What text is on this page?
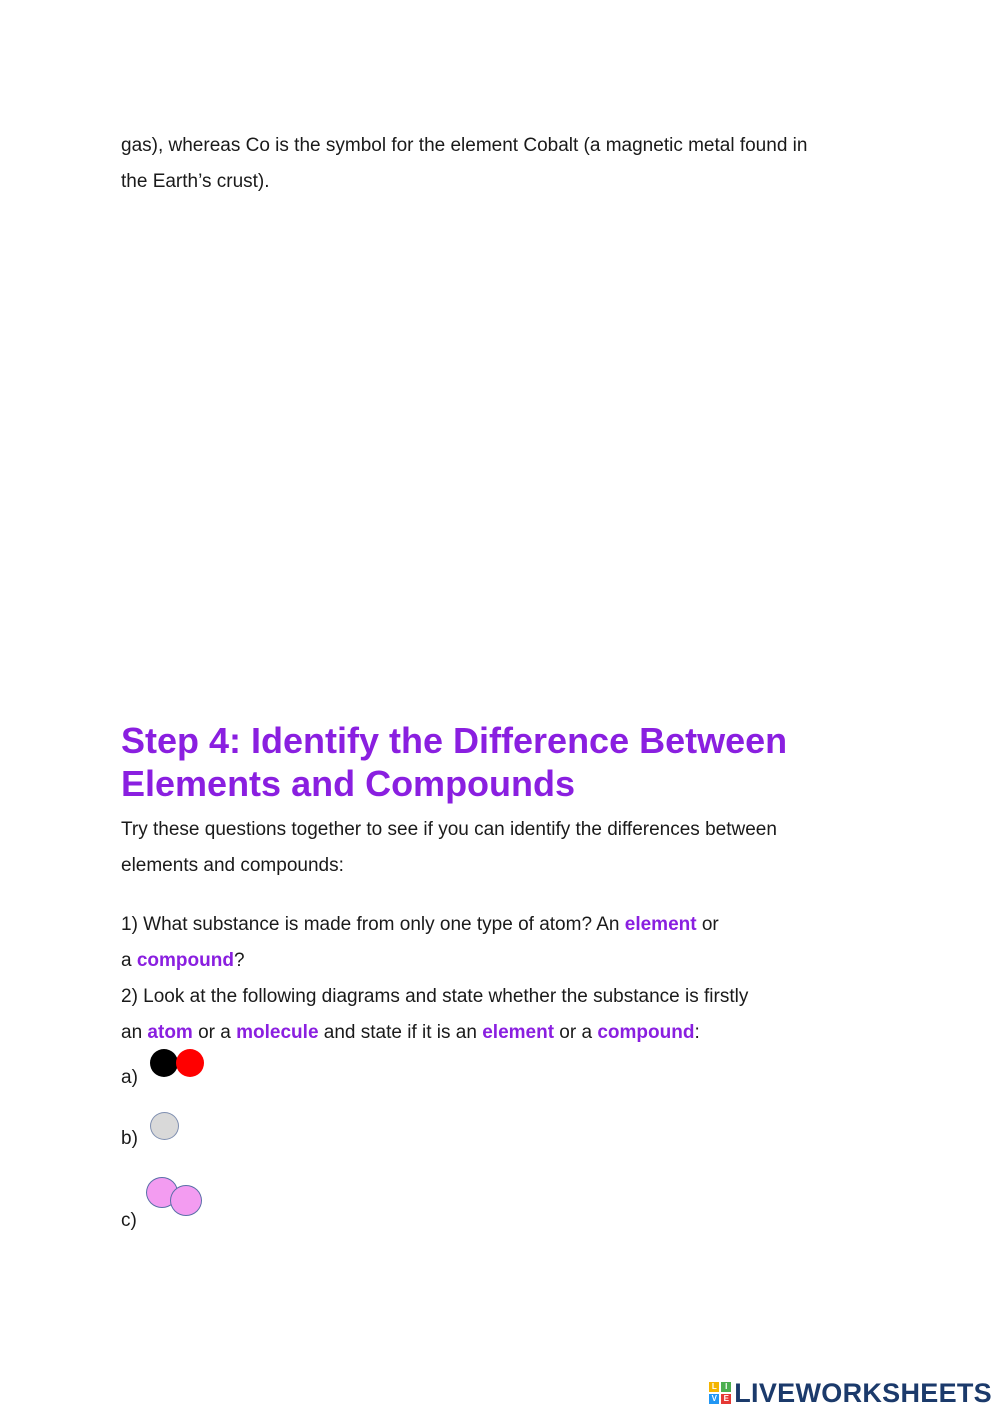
gas), whereas Co is the symbol for the element Cobalt (a magnetic metal found in

the Earth’s crust).

Step 4: Identify the Difference Between Elements and Compounds

Try these questions together to see if you can identify the differences between

elements and compounds:

1) What substance is made from only one type of atom? An element or

a compound?

2) Look at the following diagrams and state whether the substance is firstly

an atom or a molecule and state if it is an element or a compound:

a)
b)
c)
L	I
V E LIVEWORKSHEETS
